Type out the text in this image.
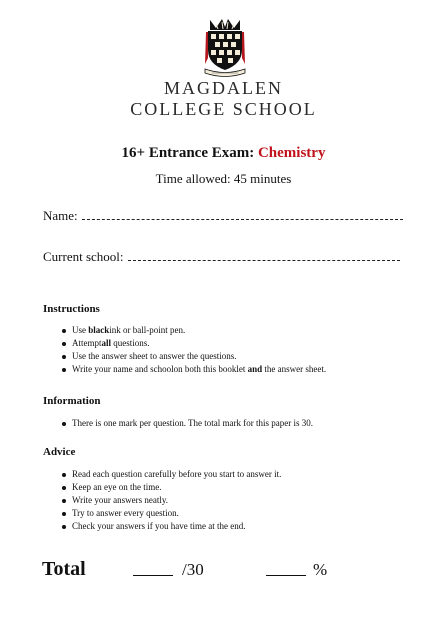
MAGDALEN
COLLEGE SCHOOL
16+ Entrance Exam: Chemistry
Time allowed: 45 minutes
Name:
Current school:
Instructions
Use blackink or ball-point pen.
Attemptall questions.
Use the answer sheet to answer the questions.
Write your name and schoolon both this booklet and the answer sheet.
Information
There is one mark per question. The total mark for this paper is 30.
Advice
Read each question carefully before you start to answer it.
Keep an eye on the time.
Write your answers neatly.
Try to answer every question.
Check your answers if you have time at the end.
Total	/30	%
